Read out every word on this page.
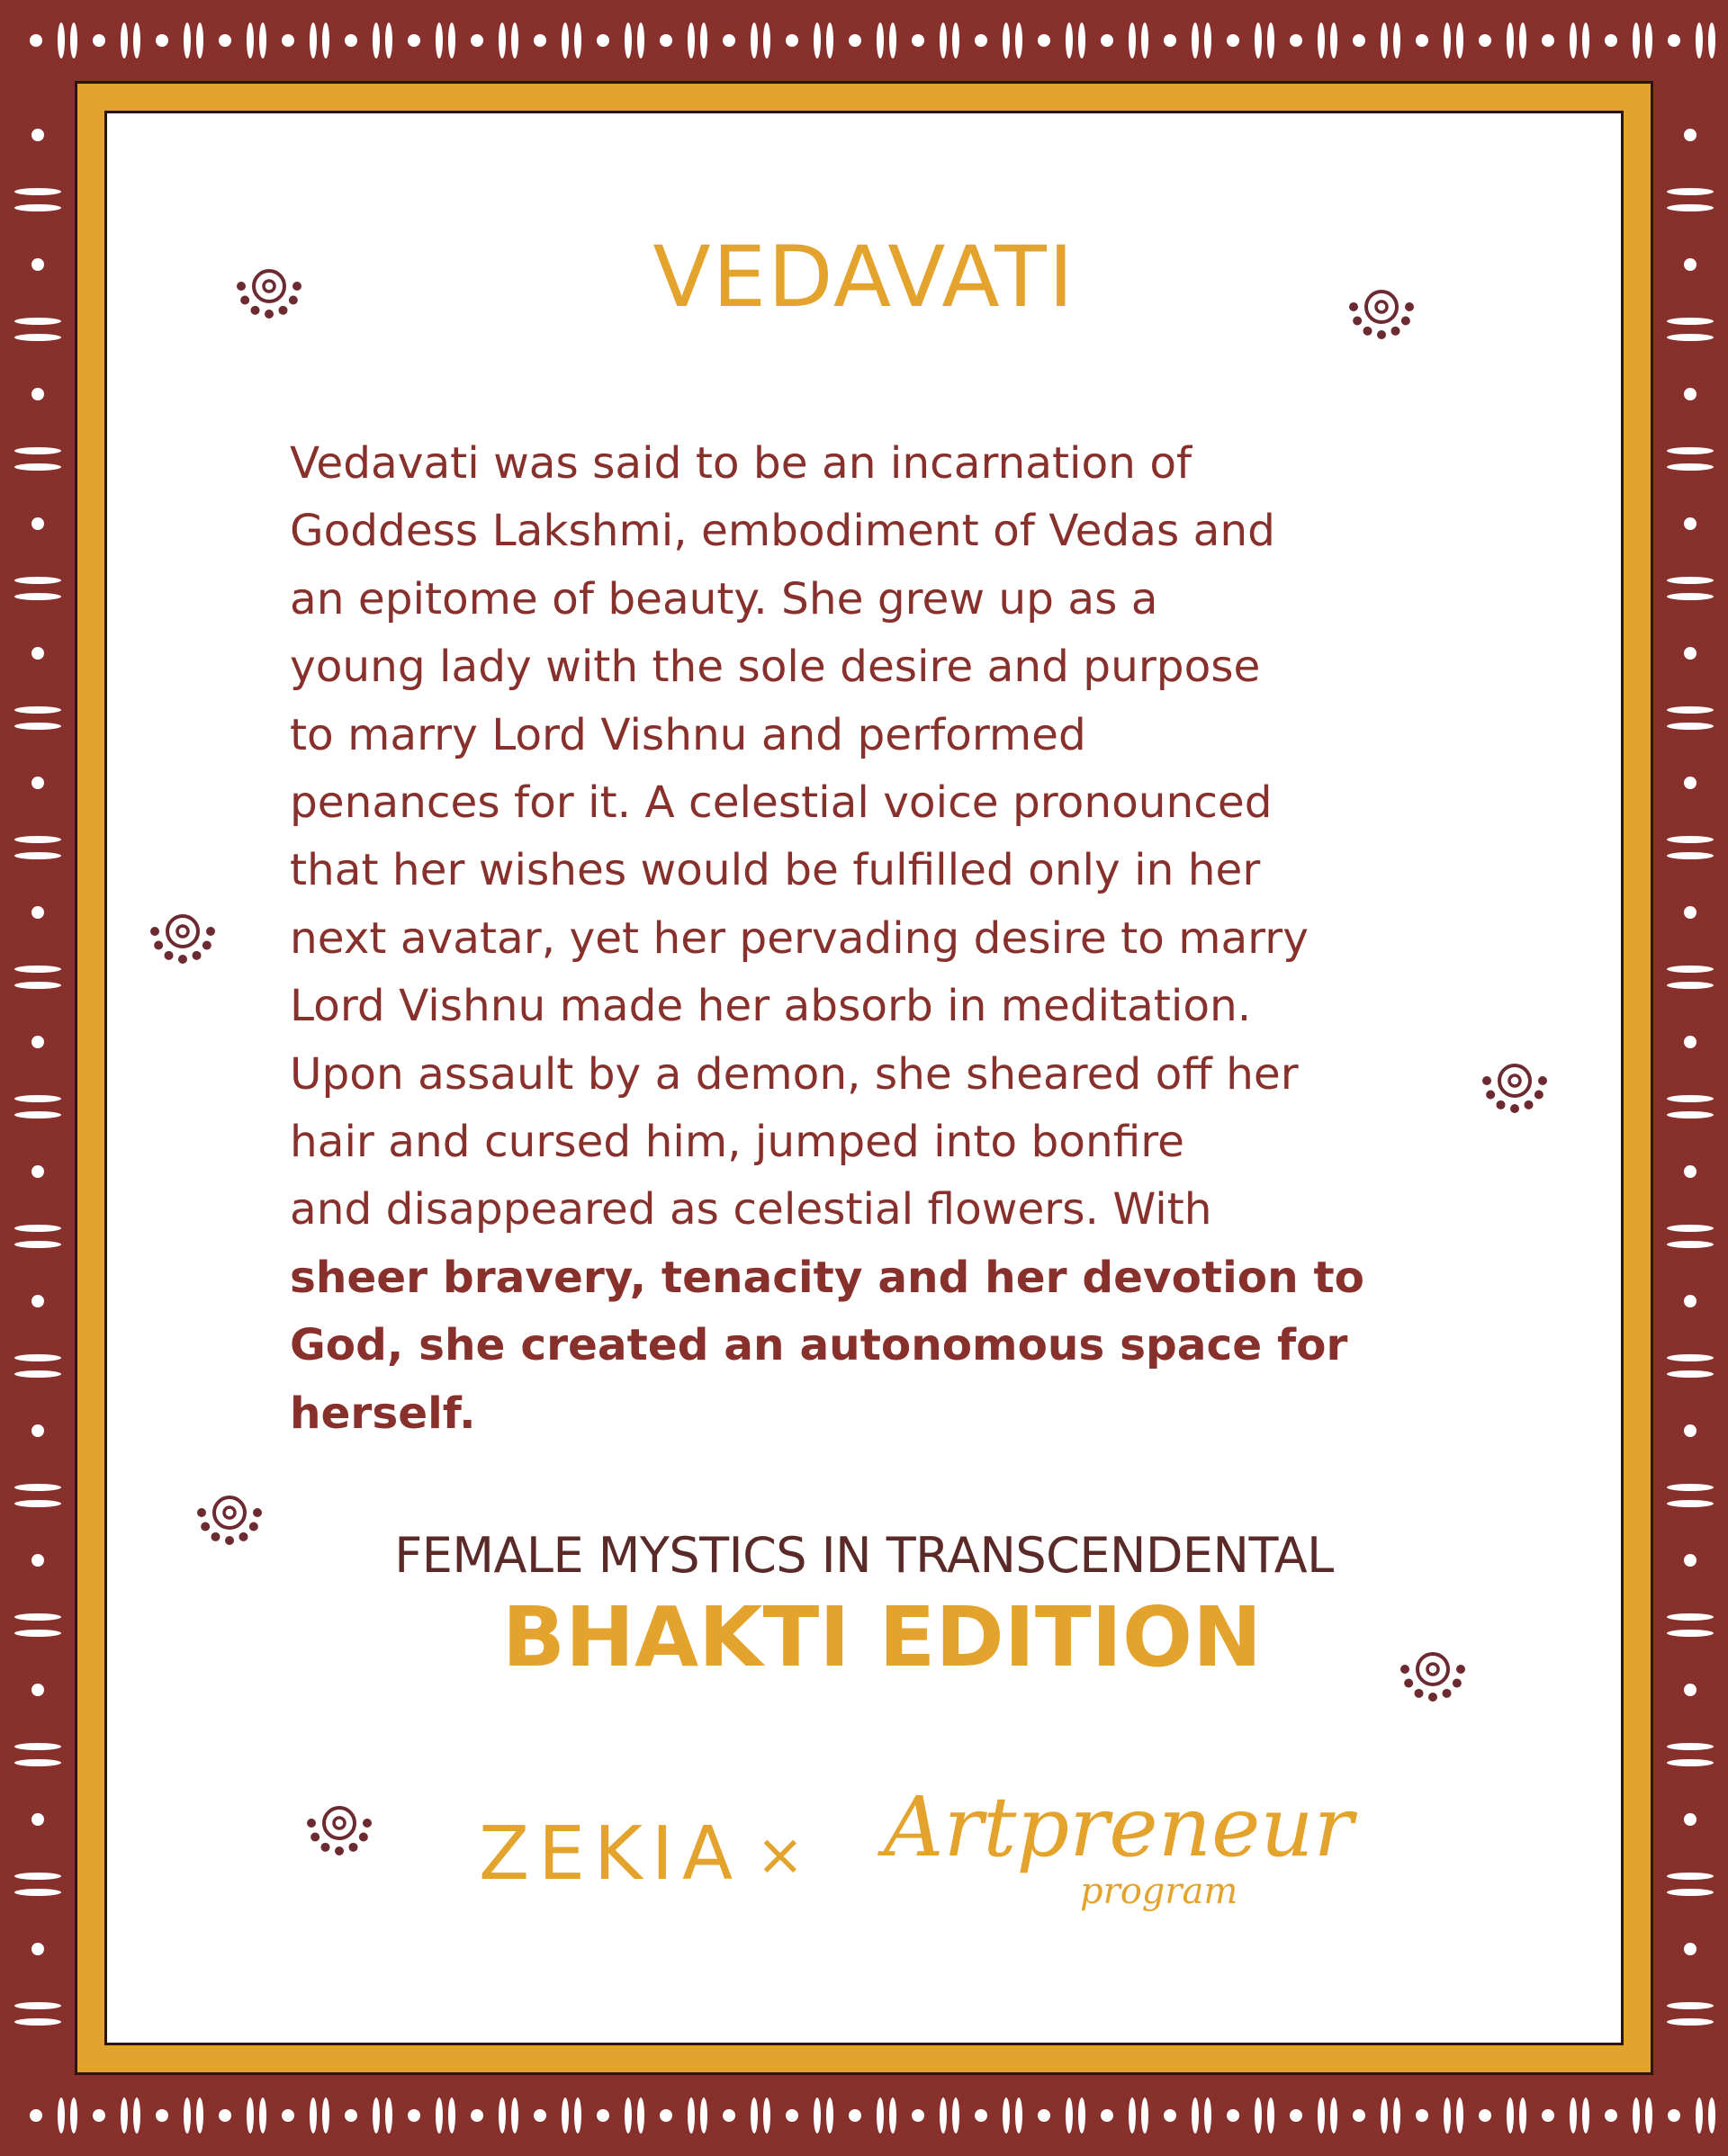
VEDAVATI

Vedavati was said to be an incarnation of
Goddess Lakshmi, embodiment of Vedas and
an epitome of beauty. She grew up as a
young lady with the sole desire and purpose
to marry Lord Vishnu and performed
penances for it. A celestial voice pronounced
that her wishes would be fulfilled only in her
next avatar, yet her pervading desire to marry
Lord Vishnu made her absorb in meditation.
Upon assault by a demon, she sheared off her
hair and cursed him, jumped into bonfire
and disappeared as celestial flowers. With
sheer bravery, tenacity and her devotion to
God, she created an autonomous space for
herself.

FEMALE MYSTICS IN TRANSCENDENTAL
BHAKTI EDITION
ZEKIA × Artpreneur
program
